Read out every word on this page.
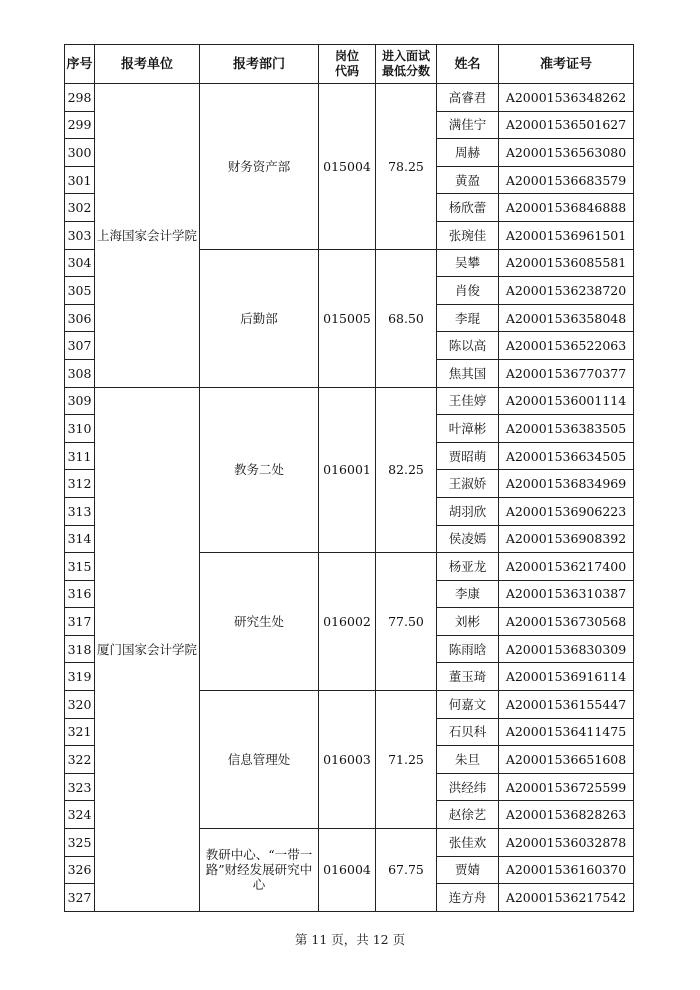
序号	报考单位	报考部门	岗位代码	进入面试最低分数	姓名	准考证号
298	上海国家会计学院	财务资产部	015004	78.25	高睿君	A20001536348262
299					满佳宁	A20001536501627
300					周赫	A20001536563080
301					黄盈	A20001536683579
302					杨欣蕾	A20001536846888
303					张琬佳	A20001536961501
304		后勤部	015005	68.50	吴攀	A20001536085581
305					肖俊	A20001536238720
306					李琨	A20001536358048
307					陈以高	A20001536522063
308					焦其国	A20001536770377
309	厦门国家会计学院	教务二处	016001	82.25	王佳婷	A20001536001114
310					叶漳彬	A20001536383505
311					贾昭萌	A20001536634505
312					王淑娇	A20001536834969
313					胡羽欣	A20001536906223
314					侯凌嫣	A20001536908392
315		研究生处	016002	77.50	杨亚龙	A20001536217400
316					李康	A20001536310387
317					刘彬	A20001536730568
318					陈雨晗	A20001536830309
319					董玉琦	A20001536916114
320		信息管理处	016003	71.25	何嘉文	A20001536155447
321					石贝科	A20001536411475
322					朱旦	A20001536651608
323					洪经纬	A20001536725599
324					赵徐艺	A20001536828263
325		教研中心、“一带一路”财经发展研究中心	016004	67.75	张佳欢	A20001536032878
326					贾婧	A20001536160370
327					连方舟	A20001536217542
第 11 页，共 12 页
